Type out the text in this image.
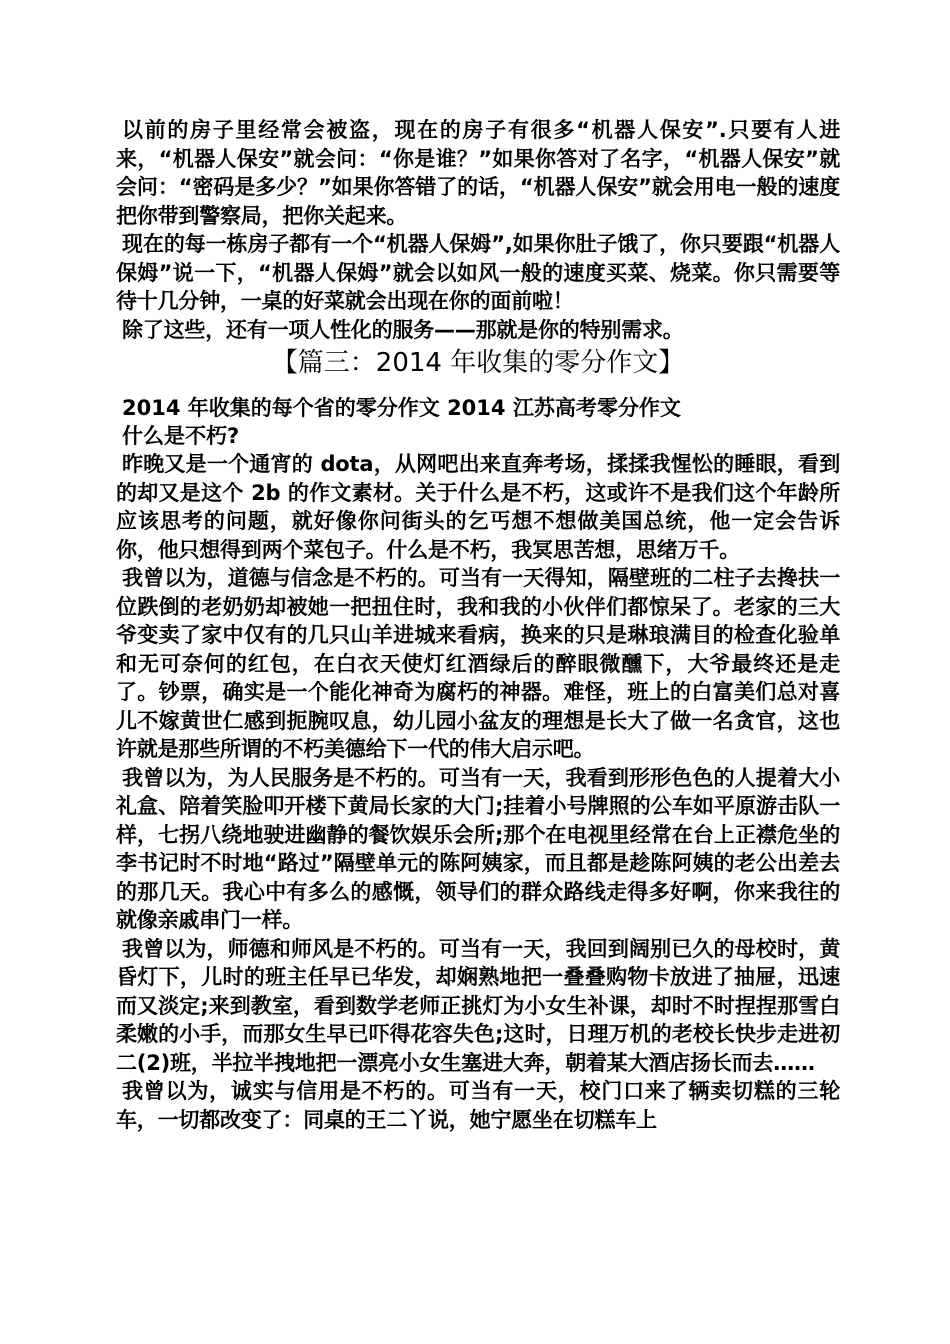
以前的房子里经常会被盗，现在的房子有很多“机器人保安”.只要有人进来，“机器人保安”就会问：“你是谁？”如果你答对了名字，“机器人保安”就会问：“密码是多少？”如果你答错了的话，“机器人保安”就会用电一般的速度把你带到警察局，把你关起来。

现在的每一栋房子都有一个“机器人保姆”,如果你肚子饿了，你只要跟“机器人保姆”说一下，“机器人保姆”就会以如风一般的速度买菜、烧菜。你只需要等待十几分钟，一桌的好菜就会出现在你的面前啦！

除了这些，还有一项人性化的服务——那就是你的特别需求。

【篇三：2014 年收集的零分作文】

2014 年收集的每个省的零分作文 2014 江苏高考零分作文

什么是不朽?

昨晚又是一个通宵的 dota，从网吧出来直奔考场，揉揉我惺忪的睡眼，看到的却又是这个 2b 的作文素材。关于什么是不朽，这或许不是我们这个年龄所应该思考的问题，就好像你问街头的乞丐想不想做美国总统，他一定会告诉你，他只想得到两个菜包子。什么是不朽，我冥思苦想，思绪万千。

我曾以为，道德与信念是不朽的。可当有一天得知，隔壁班的二柱子去搀扶一位跌倒的老奶奶却被她一把扭住时，我和我的小伙伴们都惊呆了。老家的三大爷变卖了家中仅有的几只山羊进城来看病，换来的只是琳琅满目的检查化验单和无可奈何的红包，在白衣天使灯红酒绿后的醉眼微醺下，大爷最终还是走了。钞票，确实是一个能化神奇为腐朽的神器。难怪，班上的白富美们总对喜儿不嫁黄世仁感到扼腕叹息，幼儿园小盆友的理想是长大了做一名贪官，这也许就是那些所谓的不朽美德给下一代的伟大启示吧。

我曾以为，为人民服务是不朽的。可当有一天，我看到形形色色的人提着大小礼盒、陪着笑脸叩开楼下黄局长家的大门;挂着小号牌照的公车如平原游击队一样，七拐八绕地驶进幽静的餐饮娱乐会所;那个在电视里经常在台上正襟危坐的李书记时不时地“路过”隔壁单元的陈阿姨家，而且都是趁陈阿姨的老公出差去的那几天。我心中有多么的感慨，领导们的群众路线走得多好啊，你来我往的就像亲戚串门一样。

我曾以为，师德和师风是不朽的。可当有一天，我回到阔别已久的母校时，黄昏灯下，儿时的班主任早已华发，却娴熟地把一叠叠购物卡放进了抽屉，迅速而又淡定;来到教室，看到数学老师正挑灯为小女生补课，却时不时捏捏那雪白柔嫩的小手，而那女生早已吓得花容失色;这时，日理万机的老校长快步走进初二(2)班，半拉半拽地把一漂亮小女生塞进大奔，朝着某大酒店扬长而去……

我曾以为，诚实与信用是不朽的。可当有一天，校门口来了辆卖切糕的三轮车，一切都改变了：同桌的王二丫说，她宁愿坐在切糕车上
